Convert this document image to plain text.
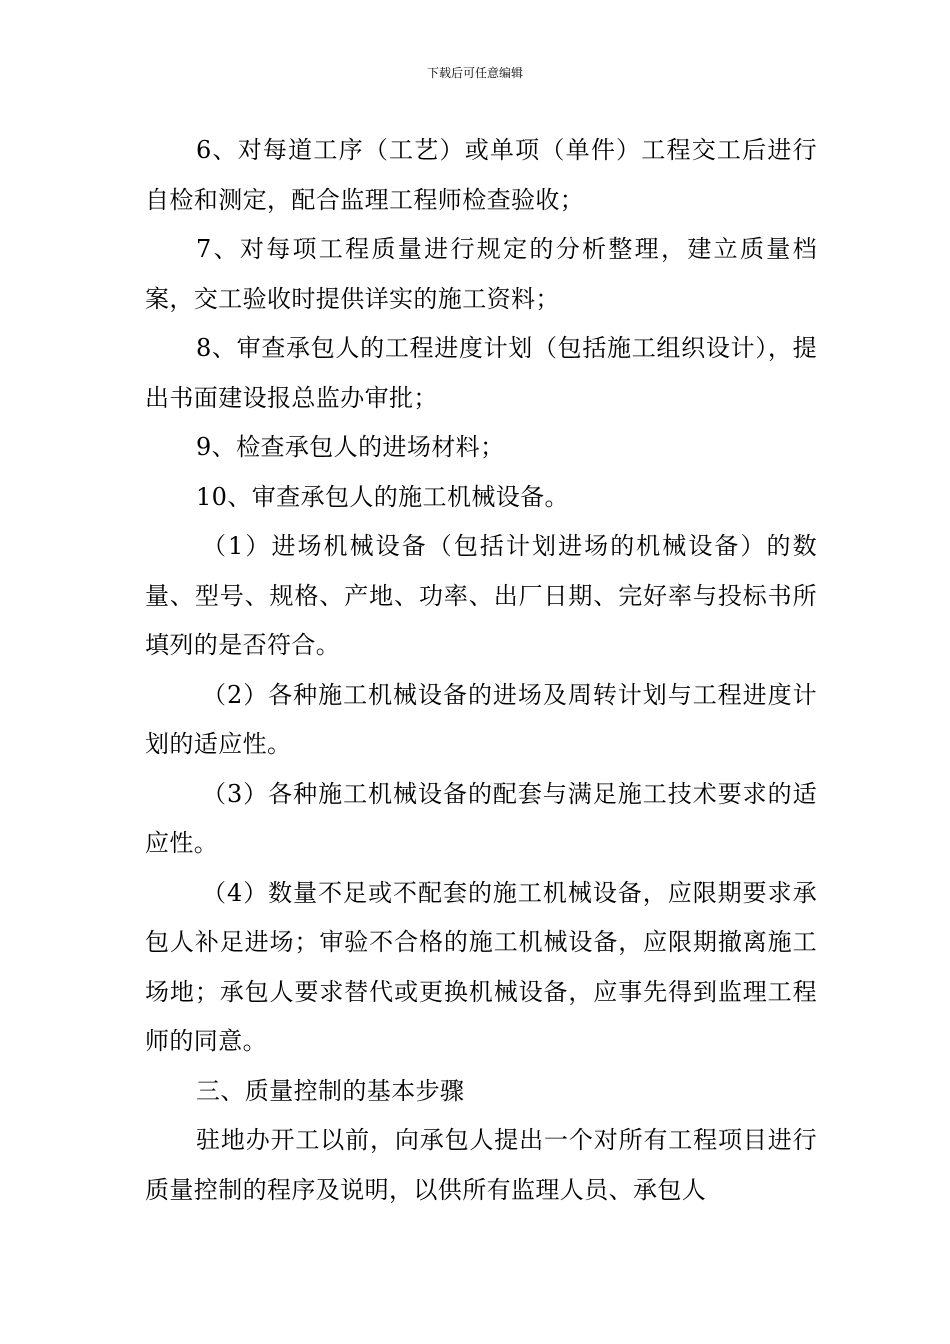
下载后可任意编辑

6、对每道工序（工艺）或单项（单件）工程交工后进行自检和测定，配合监理工程师检查验收；

7、对每项工程质量进行规定的分析整理，建立质量档案，交工验收时提供详实的施工资料；

8、审查承包人的工程进度计划（包括施工组织设计），提出书面建设报总监办审批；

9、检查承包人的进场材料；

10、审查承包人的施工机械设备。

（1）进场机械设备（包括计划进场的机械设备）的数量、型号、规格、产地、功率、出厂日期、完好率与投标书所填列的是否符合。

（2）各种施工机械设备的进场及周转计划与工程进度计划的适应性。

（3）各种施工机械设备的配套与满足施工技术要求的适应性。

（4）数量不足或不配套的施工机械设备，应限期要求承包人补足进场；审验不合格的施工机械设备，应限期撤离施工场地；承包人要求替代或更换机械设备，应事先得到监理工程师的同意。

三、质量控制的基本步骤

驻地办开工以前，向承包人提出一个对所有工程项目进行质量控制的程序及说明，以供所有监理人员、承包人
